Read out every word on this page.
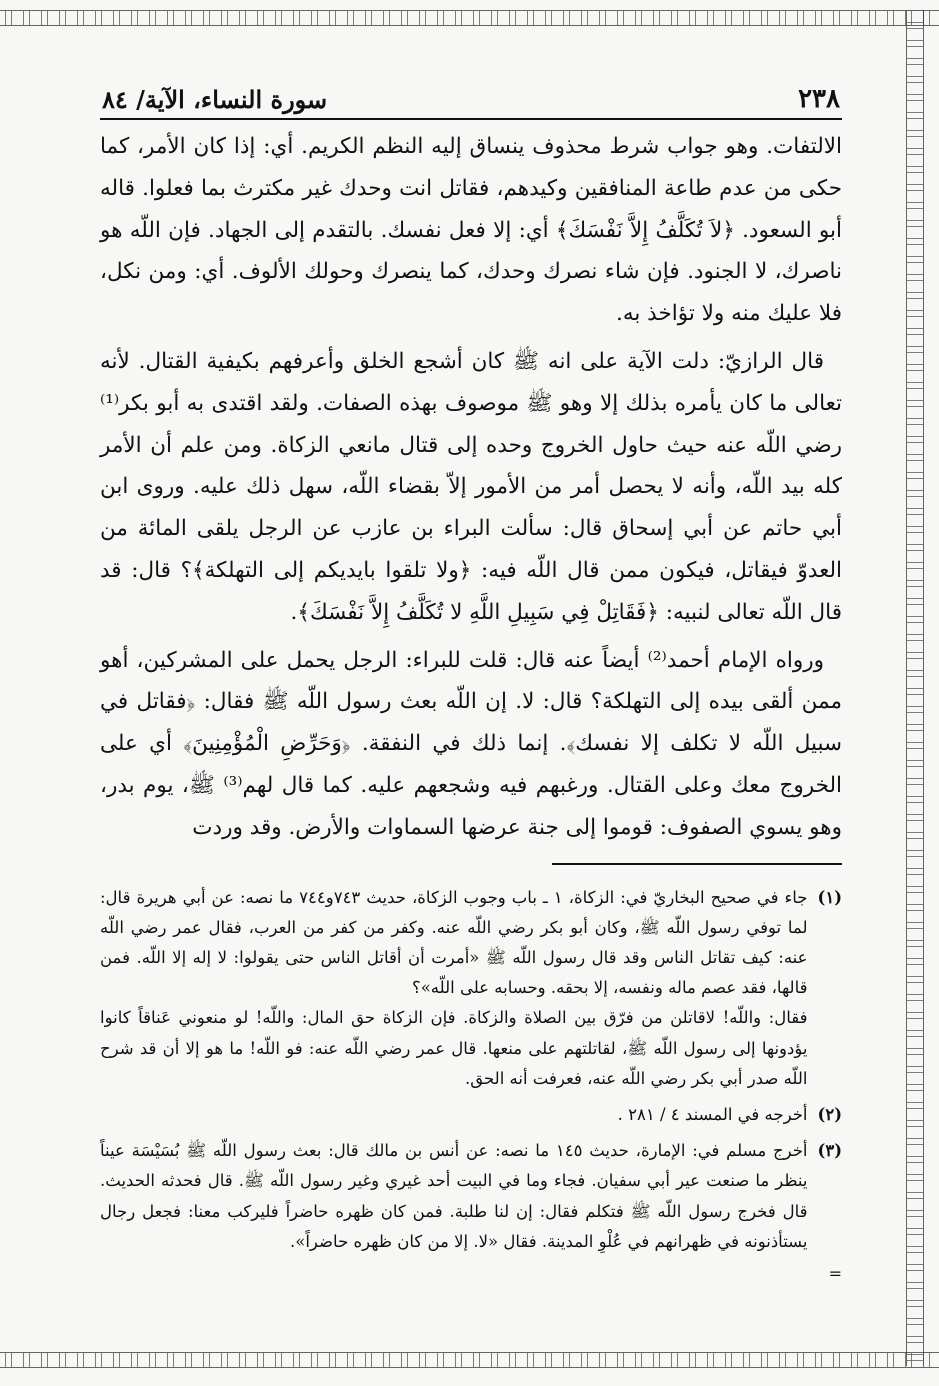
٢٣٨
سورة النساء، الآية/ ٨٤

الالتفات. وهو جواب شرط محذوف ينساق إليه النظم الكريم. أي: إذا كان الأمر، كما حكى من عدم طاعة المنافقين وكيدهم، فقاتل انت وحدك غير مكترث بما فعلوا. قاله أبو السعود. ﴿لاَ تُكَلَّفُ إِلاَّ نَفْسَكَ﴾ أي: إلا فعل نفسك. بالتقدم إلى الجهاد. فإن اللّه هو ناصرك، لا الجنود. فإن شاء نصرك وحدك، كما ينصرك وحولك الألوف. أي: ومن نكل، فلا عليك منه ولا تؤاخذ به.

قال الرازيّ: دلت الآية على انه ﷺ كان أشجع الخلق وأعرفهم بكيفية القتال. لأنه تعالى ما كان يأمره بذلك إلا وهو ﷺ موصوف بهذه الصفات. ولقد اقتدى به أبو بكر⁽¹⁾ رضي اللّه عنه حيث حاول الخروج وحده إلى قتال مانعي الزكاة. ومن علم أن الأمر كله بيد اللّه، وأنه لا يحصل أمر من الأمور إلاّ بقضاء اللّه، سهل ذلك عليه. وروى ابن أبي حاتم عن أبي إسحاق قال: سألت البراء بن عازب عن الرجل يلقى المائة من العدوّ فيقاتل، فيكون ممن قال اللّه فيه: ﴿ولا تلقوا بايديكم إلى التهلكة﴾؟ قال: قد قال اللّه تعالى لنبيه: ﴿فَقَاتِلْ فِي سَبِيلِ اللَّهِ لا تُكَلَّفُ إِلاَّ نَفْسَكَ﴾.

ورواه الإمام أحمد⁽²⁾ أيضاً عنه قال: قلت للبراء: الرجل يحمل على المشركين، أهو ممن ألقى بيده إلى التهلكة؟ قال: لا. إن اللّه بعث رسول اللّه ﷺ فقال: ﴿فقاتل في سبيل اللّه لا تكلف إلا نفسك﴾. إنما ذلك في النفقة. ﴿وَحَرِّضِ الْمُؤْمِنِينَ﴾ أي على الخروج معك وعلى القتال. ورغبهم فيه وشجعهم عليه. كما قال لهم⁽³⁾ ﷺ، يوم بدر، وهو يسوي الصفوف: قوموا إلى جنة عرضها السماوات والأرض. وقد وردت

(١)
جاء في صحيح البخاريّ في: الزكاة، ١ ـ باب وجوب الزكاة، حديث ٧٤٣و٧٤٤ ما نصه: عن أبي هريرة قال: لما توفي رسول اللّه ﷺ، وكان أبو بكر رضي اللّه عنه. وكفر من كفر من العرب، فقال عمر رضي اللّه عنه: كيف تقاتل الناس وقد قال رسول اللّه ﷺ «أمرت أن أقاتل الناس حتى يقولوا: لا إله إلا اللّه. فمن قالها، فقد عصم ماله ونفسه، إلا بحقه. وحسابه على اللّه»؟
فقال: واللّه! لاقاتلن من فرّق بين الصلاة والزكاة. فإن الزكاة حق المال: واللّه! لو منعوني عَناقاً كانوا يؤدونها إلى رسول اللّه ﷺ، لقاتلتهم على منعها. قال عمر رضي اللّه عنه: فو اللّه! ما هو إلا أن قد شرح اللّه صدر أبي بكر رضي اللّه عنه، فعرفت أنه الحق.
(٢)
أخرجه في المسند ٤ / ٢٨١ .
(٣)
أخرج مسلم في: الإمارة، حديث ١٤٥ ما نصه: عن أنس بن مالك قال: بعث رسول اللّه ﷺ بُسَيْسَة عيناً ينظر ما صنعت عير أبي سفيان. فجاء وما في البيت أحد غيري وغير رسول اللّه ﷺ. قال فحدثه الحديث. قال فخرج رسول اللّه ﷺ فتكلم فقال: إن لنا طلبة. فمن كان ظهره حاضراً فليركب معنا: فجعل رجال يستأذنونه في ظهرانهم في عُلْوِ المدينة. فقال «لا. إلا من كان ظهره حاضراً».
=
